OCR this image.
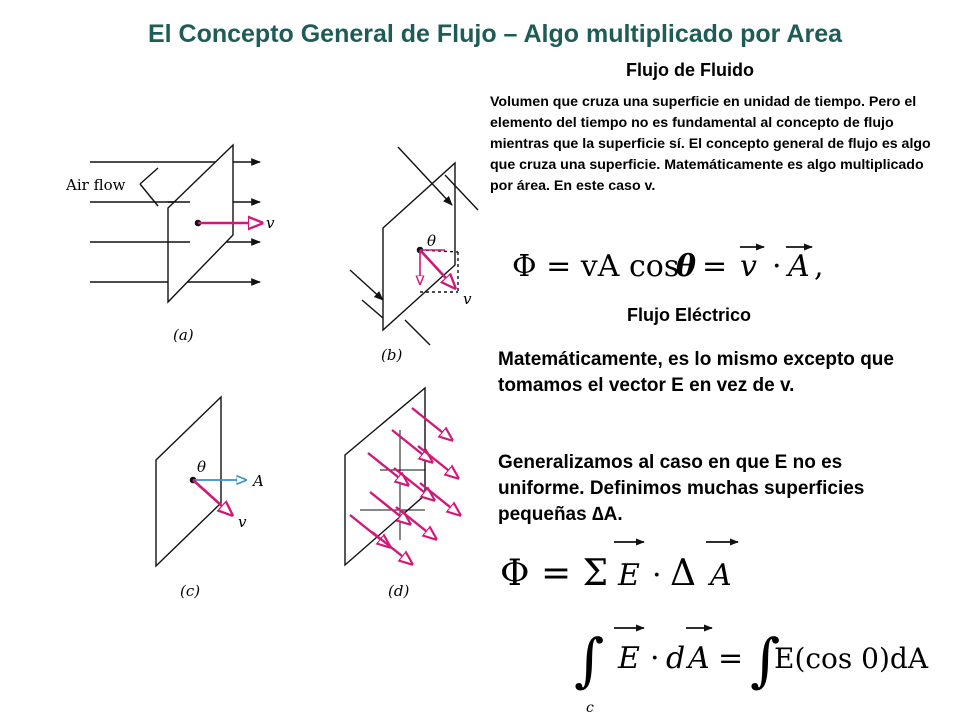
El Concepto General de Flujo – Algo multiplicado por Area
Flujo de Fluido
Volumen que cruza una superficie en unidad de tiempo. Pero el elemento del tiempo no es fundamental al concepto de flujo mientras que la superficie sí. El concepto general de flujo es algo que cruza una superficie. Matemáticamente es algo multiplicado por área. En este caso v.
Flujo Eléctrico
Matemáticamente, es lo mismo excepto que tomamos el vector E en vez de v.
Generalizamos al caso en que E no es uniforme. Definimos muchas superficies pequeñas ∆A.
Air flow
v
(a)
θ
v
(b)
θ
A
v
(c)	(d)
Φ = vA cos
θ = v · A ,
Φ = Σ E · Δ A
∫
c
E · d A = ∫
E(cos 0)dA
